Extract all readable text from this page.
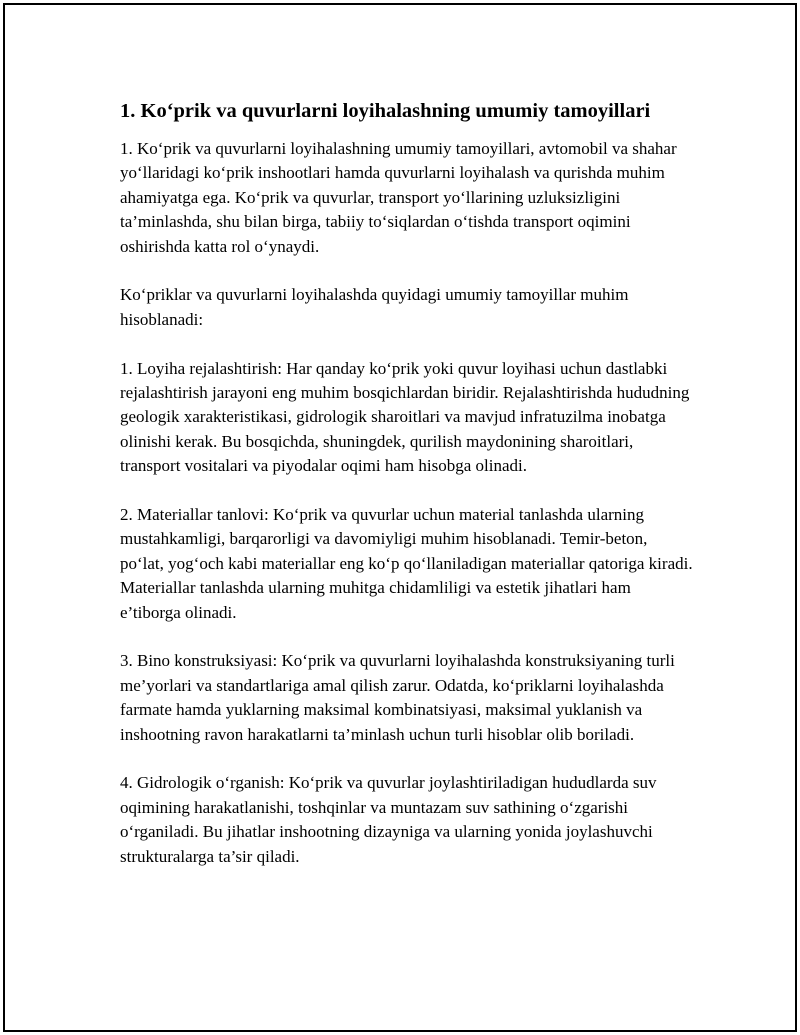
1. Ko‘prik va quvurlarni loyihalashning umumiy tamoyillari

1. Ko‘prik va quvurlarni loyihalashning umumiy tamoyillari, avtomobil va shahar yo‘llaridagi ko‘prik inshootlari hamda quvurlarni loyihalash va qurishda muhim ahamiyatga ega. Ko‘prik va quvurlar, transport yo‘llarining uzluksizligini ta’minlashda, shu bilan birga, tabiiy to‘siqlardan o‘tishda transport oqimini oshirishda katta rol o‘ynaydi.

Ko‘priklar va quvurlarni loyihalashda quyidagi umumiy tamoyillar muhim hisoblanadi:

1. Loyiha rejalashtirish: Har qanday ko‘prik yoki quvur loyihasi uchun dastlabki rejalashtirish jarayoni eng muhim bosqichlardan biridir. Rejalashtirishda hududning geologik xarakteristikasi, gidrologik sharoitlari va mavjud infratuzilma inobatga olinishi kerak. Bu bosqichda, shuningdek, qurilish maydonining sharoitlari, transport vositalari va piyodalar oqimi ham hisobga olinadi.

2. Materiallar tanlovi: Ko‘prik va quvurlar uchun material tanlashda ularning mustahkamligi, barqarorligi va davomiyligi muhim hisoblanadi. Temir-beton, po‘lat, yog‘och kabi materiallar eng ko‘p qo‘llaniladigan materiallar qatoriga kiradi. Materiallar tanlashda ularning muhitga chidamliligi va estetik jihatlari ham e’tiborga olinadi.

3. Bino konstruksiyasi: Ko‘prik va quvurlarni loyihalashda konstruksiyaning turli me’yorlari va standartlariga amal qilish zarur. Odatda, ko‘priklarni loyihalashda farmate hamda yuklarning maksimal kombinatsiyasi, maksimal yuklanish va inshootning ravon harakatlarni ta’minlash uchun turli hisoblar olib boriladi.

4. Gidrologik o‘rganish: Ko‘prik va quvurlar joylashtiriladigan hududlarda suv oqimining harakatlanishi, toshqinlar va muntazam suv sathining o‘zgarishi o‘rganiladi. Bu jihatlar inshootning dizayniga va ularning yonida joylashuvchi strukturalarga ta’sir qiladi.
